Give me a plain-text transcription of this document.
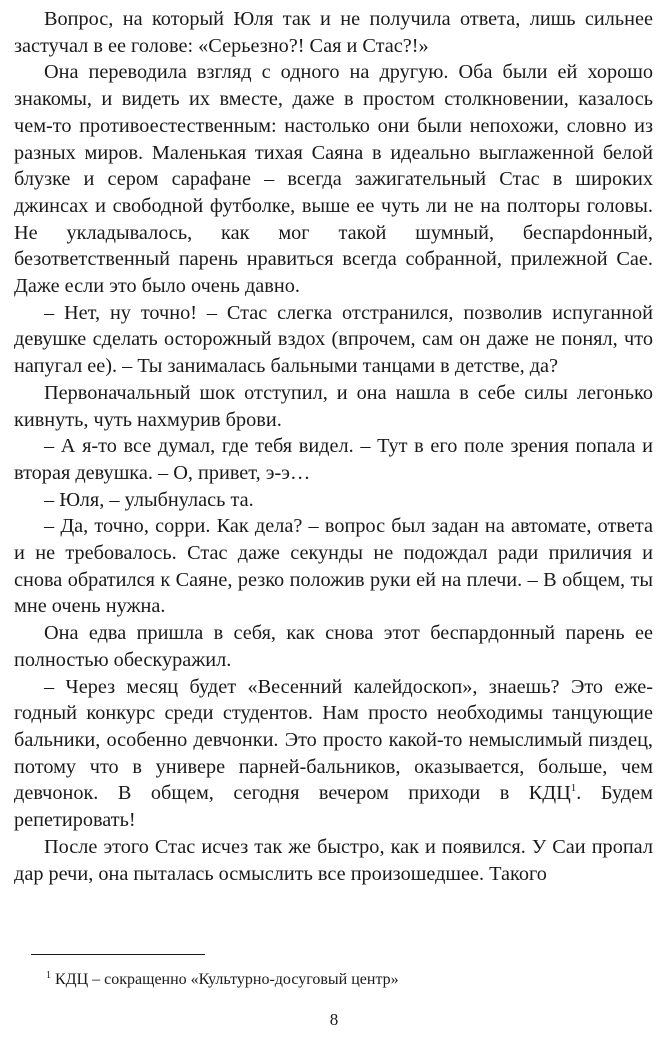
Вопрос, на который Юля так и не получила ответа, лишь сильнее застучал в ее голове: «Серьезно?! Сая и Стас?!»

Она переводила взгляд с одного на другую. Оба были ей хорошо знакомы, и видеть их вместе, даже в простом столкновении, казалось чем-то противоестественным: настолько они были непохожи, словно из разных миров. Маленькая тихая Саяна в идеально выглаженной белой блузке и сером сарафане – всегда зажигательный Стас в широких джинсах и свободной футболке, выше ее чуть ли не на полторы головы. Не укладывалось, как мог такой шумный, беспарdонный, безответственный парень нравиться всегда собранной, прилежной Сае. Даже если это было очень давно.

– Нет, ну точно! – Стас слегка отстранился, позволив испуганной девушке сделать осторожный вздох (впрочем, сам он даже не понял, что напугал ее). – Ты занималась бальными танцами в детстве, да?

Первоначальный шок отступил, и она нашла в себе силы легонько кивнуть, чуть нахмурив брови.

– А я-то все думал, где тебя видел. – Тут в его поле зрения попала и вторая девушка. – О, привет, э-э…

– Юля, – улыбнулась та.

– Да, точно, сорри. Как дела? – вопрос был задан на автомате, ответа и не требовалось. Стас даже секунды не подождал ради приличия и снова обратился к Саяне, резко положив руки ей на плечи. – В общем, ты мне очень нужна.

Она едва пришла в себя, как снова этот беспардонный парень ее полностью обескуражил.

– Через месяц будет «Весенний калейдоскоп», знаешь? Это ежегодный конкурс среди студентов. Нам просто необходимы танцующие бальники, особенно девчонки. Это просто какой-то немыслимый пиздец, потому что в универе парней-бальников, оказывается, больше, чем девчонок. В общем, сегодня вечером приходи в КДЦ$^1$. Будем репетировать!

После этого Стас исчез так же быстро, как и появился. У Саи пропал дар речи, она пыталась осмыслить все произошедшее. Такого

$^1$ КДЦ – сокращенно «Культурно-досуговый центр»
8
